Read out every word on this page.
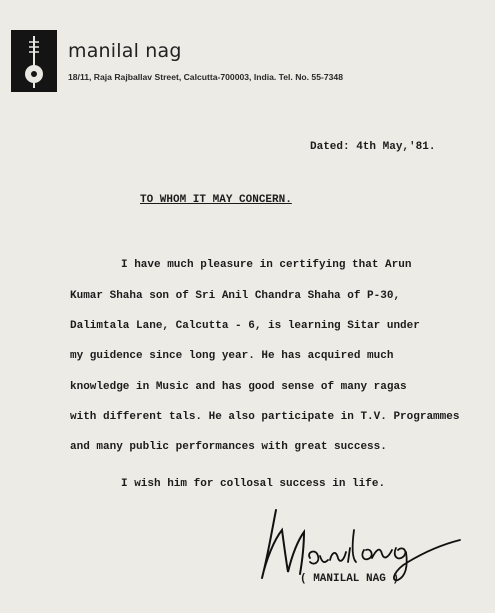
manilal nag
18/11, Raja Rajballav Street, Calcutta-700003, India. Tel. No. 55-7348
Dated: 4th May,'81.
TO WHOM IT MAY CONCERN.
I have much pleasure in certifying that Arun
Kumar Shaha son of Sri Anil Chandra Shaha of P-30,
Dalimtala Lane, Calcutta - 6, is learning Sitar under
my guidence since long year. He has acquired much
knowledge in Music and has good sense of many ragas
with different tals. He also participate in T.V. Programmes
and many public performances with great success.
I wish him for collosal success in life.
( MANILAL NAG )
